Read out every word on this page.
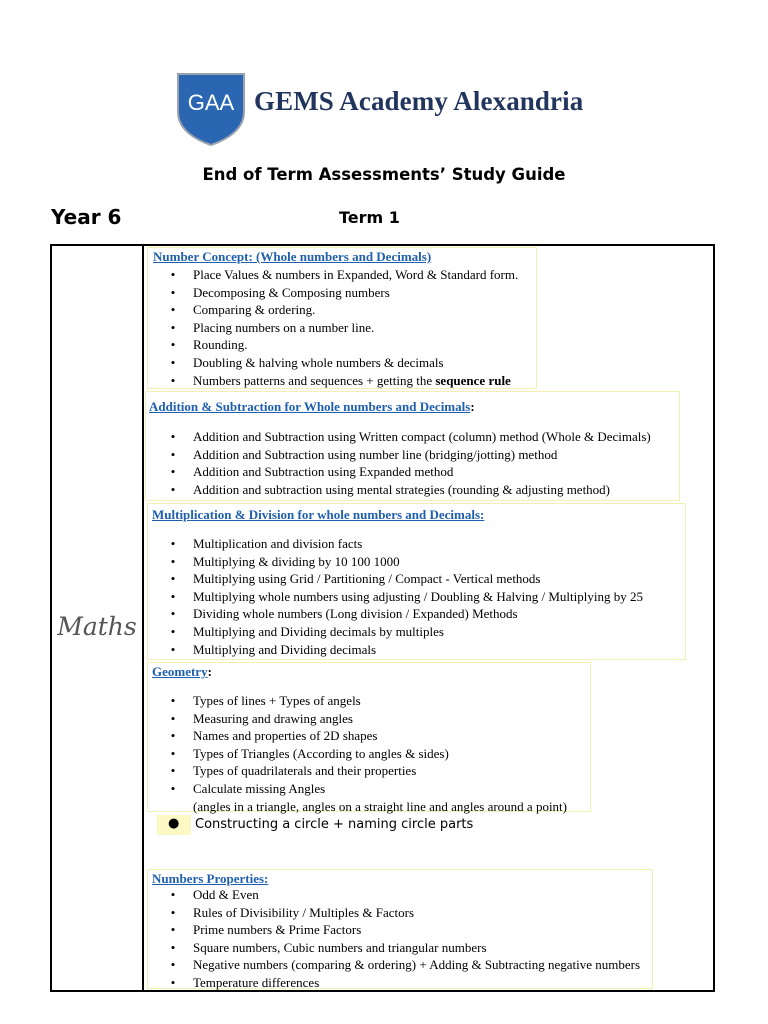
GAA GEMS Academy Alexandria
End of Term Assessments’ Study Guide
Year 6	Term 1
Maths
Number Concept: (Whole numbers and Decimals)
•	Place Values & numbers in Expanded, Word & Standard form.
•	Decomposing & Composing numbers
•	Comparing & ordering.
•	Placing numbers on a number line.
•	Rounding.
•	Doubling & halving whole numbers & decimals
•	Numbers patterns and sequences + getting the sequence rule
Addition & Subtraction for Whole numbers and Decimals:
•	Addition and Subtraction using Written compact (column) method (Whole & Decimals)
•	Addition and Subtraction using number line (bridging/jotting) method
•	Addition and Subtraction using Expanded method
•	Addition and subtraction using mental strategies (rounding & adjusting method)
Multiplication & Division for whole numbers and Decimals:
•	Multiplication and division facts
•	Multiplying & dividing by 10 100 1000
•	Multiplying using Grid / Partitioning / Compact - Vertical methods
•	Multiplying whole numbers using adjusting / Doubling & Halving / Multiplying by 25
•	Dividing whole numbers (Long division / Expanded) Methods
•	Multiplying and Dividing decimals by multiples
•	Multiplying and Dividing decimals
Geometry:
•	Types of lines + Types of angels
•	Measuring and drawing angles
•	Names and properties of 2D shapes
•	Types of Triangles (According to angles & sides)
•	Types of quadrilaterals and their properties
•	Calculate missing Angles
(angles in a triangle, angles on a straight line and angles around a point)
● Constructing a circle + naming circle parts
Numbers Properties:
•	Odd & Even
•	Rules of Divisibility / Multiples & Factors
•	Prime numbers & Prime Factors
•	Square numbers, Cubic numbers and triangular numbers
•	Negative numbers (comparing & ordering) + Adding & Subtracting negative numbers
•	Temperature differences
